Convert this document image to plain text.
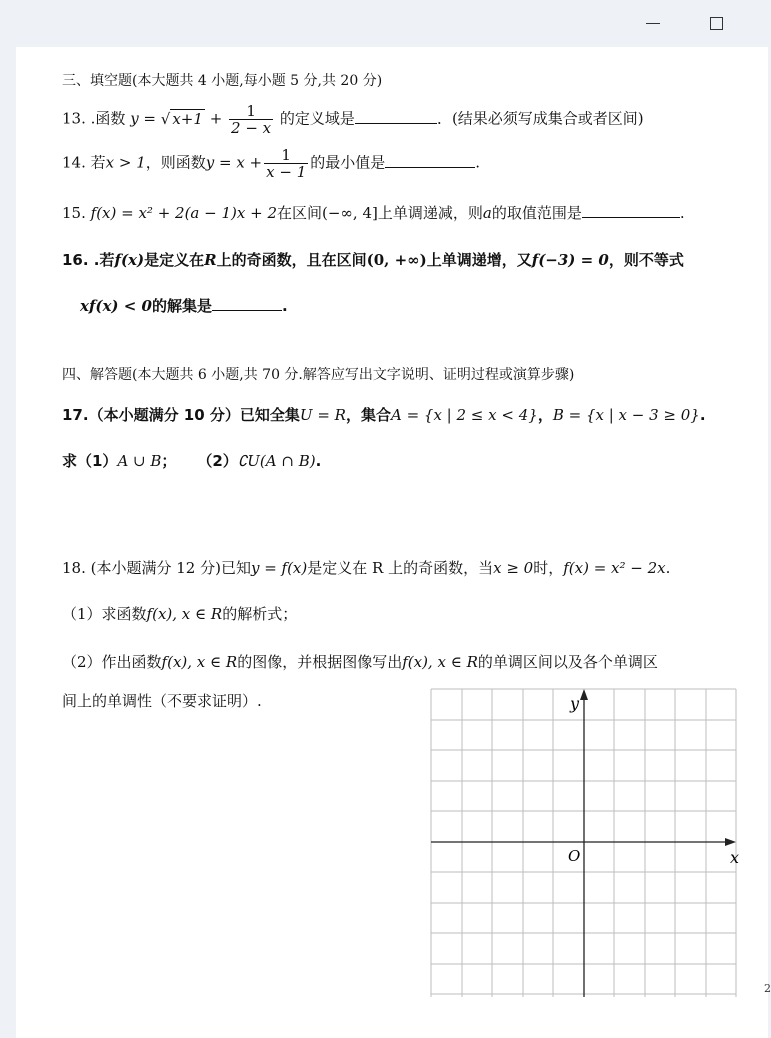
三、填空题(本大题共 4 小题,每小题 5 分,共 20 分)
13. .函数 y = √ $x+1 + \frac{1}{2 - x}$ 的定义域是	．(结果必须写成集合或者区间)
14. 若x > 1，则函数$y = x + \frac{1}{x - 1}$ 的最小值是	.
15. f(x) = x² + 2(a − 1)x + 2在区间(−∞, 4]上单调递减，则a的取值范围是	.
16. .若f(x)是定义在R上的奇函数，且在区间(0, +∞)上单调递增，又f(−3) = 0，则不等式
xf(x) < 0的解集是	.
四、解答题(本大题共 6 小题,共 70 分.解答应写出文字说明、证明过程或演算步骤)
17.（本小题满分 10 分）已知全集U = R，集合A = {x | 2 ≤ x < 4}，B = {x | x − 3 ≥ 0}.
求（1）A ∪ B； （2）∁U(A ∩ B).
18. (本小题满分 12 分)已知y = f(x)是定义在 R 上的奇函数，当x ≥ 0时，f(x) = x² − 2x.
（1）求函数f(x), x ∈ R的解析式；
（2）作出函数f(x), x ∈ R的图像，并根据图像写出f(x), x ∈ R的单调区间以及各个单调区
间上的单调性（不要求证明）.	y
x
O
2
